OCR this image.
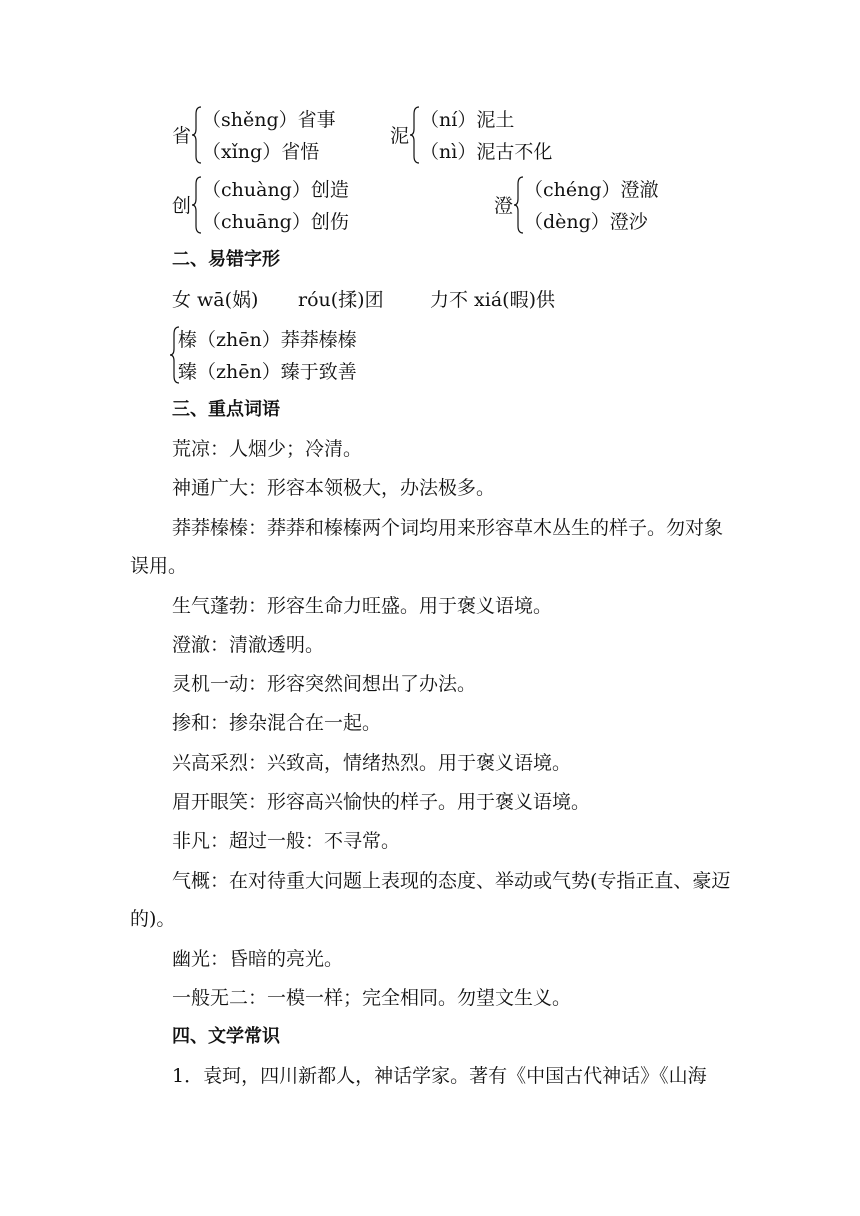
省
（shěng）省事
（xǐng）省悟
泥
（ní）泥土
（nì）泥古不化
创
（chuàng）创造
（chuāng）创伤
澄
（chéng）澄澈
（dèng）澄沙
二、易错字形
女 wā(娲) róu(揉)团 力不 xiá(暇)供
榛（zhēn）莽莽榛榛
臻（zhēn）臻于致善
三、重点词语
荒凉：人烟少；冷清。
神通广大：形容本领极大，办法极多。
莽莽榛榛：莽莽和榛榛两个词均用来形容草木丛生的样子。勿对象误用。
生气蓬勃：形容生命力旺盛。用于褒义语境。
澄澈：清澈透明。
灵机一动：形容突然间想出了办法。
掺和：掺杂混合在一起。
兴高采烈：兴致高，情绪热烈。用于褒义语境。
眉开眼笑：形容高兴愉快的样子。用于褒义语境。
非凡：超过一般：不寻常。
气概：在对待重大问题上表现的态度、举动或气势(专指正直、豪迈的)。
幽光：昏暗的亮光。
一般无二：一模一样；完全相同。勿望文生义。
四、文学常识
1．袁珂，四川新都人，神话学家。著有《中国古代神话》《山海
